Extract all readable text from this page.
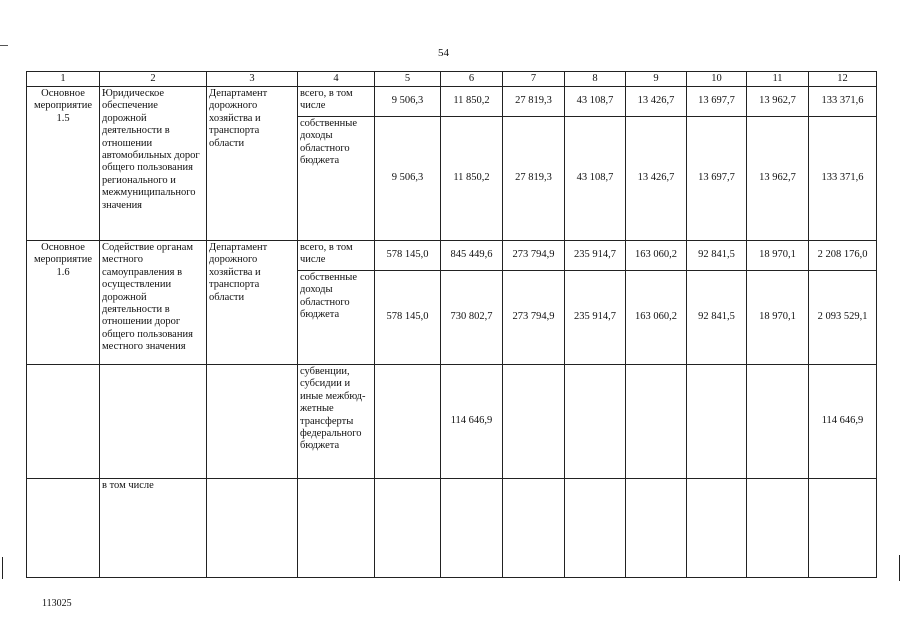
54
1	2	3	4	5	6	7	8	9	10	11	12
Основное мероприятие 1.5	Юридическое обеспечение дорожной деятельности в отношении автомобильных дорог общего пользования регионального и межмуниципального значения	Департамент дорожного хозяйства и транспорта области	всего, в том числе	9 506,3	11 850,2	27 819,3	43 108,7	13 426,7	13 697,7	13 962,7	133 371,6
			собственные доходы областного бюджета	9 506,3	11 850,2	27 819,3	43 108,7	13 426,7	13 697,7	13 962,7	133 371,6
Основное мероприятие 1.6	Содействие органам местного самоуправления в осуществлении дорожной деятельности в отношении дорог общего пользования местного значения	Департамент дорожного хозяйства и транспорта области	всего, в том числе	578 145,0	845 449,6	273 794,9	235 914,7	163 060,2	92 841,5	18 970,1	2 208 176,0
			собственные доходы областного бюджета	578 145,0	730 802,7	273 794,9	235 914,7	163 060,2	92 841,5	18 970,1	2 093 529,1
			субвенции, субсидии и иные межбюд-жетные трансферты федерального бюджета		114 646,9						114 646,9
	в том числе										
113025
